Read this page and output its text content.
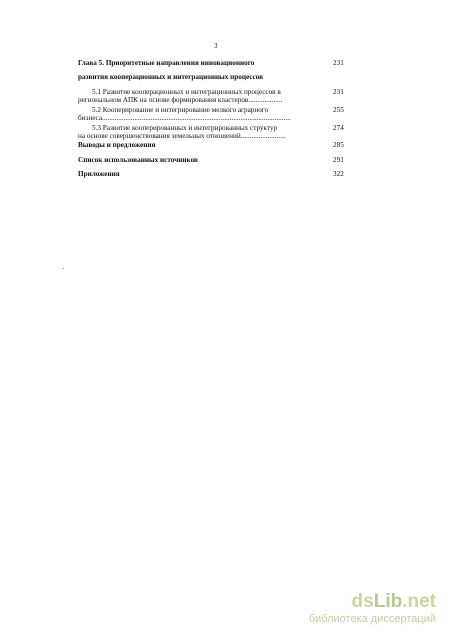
3
Глава 5. Приоритетные направления инновационного	231
развития кооперационных и интеграционных процессов
5.1 Развитие кооперационных и интеграционных процессов в	231
региональном АПК на основе формирования кластеров...................
5.2 Кооперирование и интегрирование мелкого аграрного	255
бизнеса.........................................................................................................
5.3 Развитие кооперированных и интегрированных структур	274
на основе совершенствования земельных отношений.........................
Выводы и предложения	285
Список использованных источников	291
Приложения	322
dsLib.net
библиотека диссертаций
